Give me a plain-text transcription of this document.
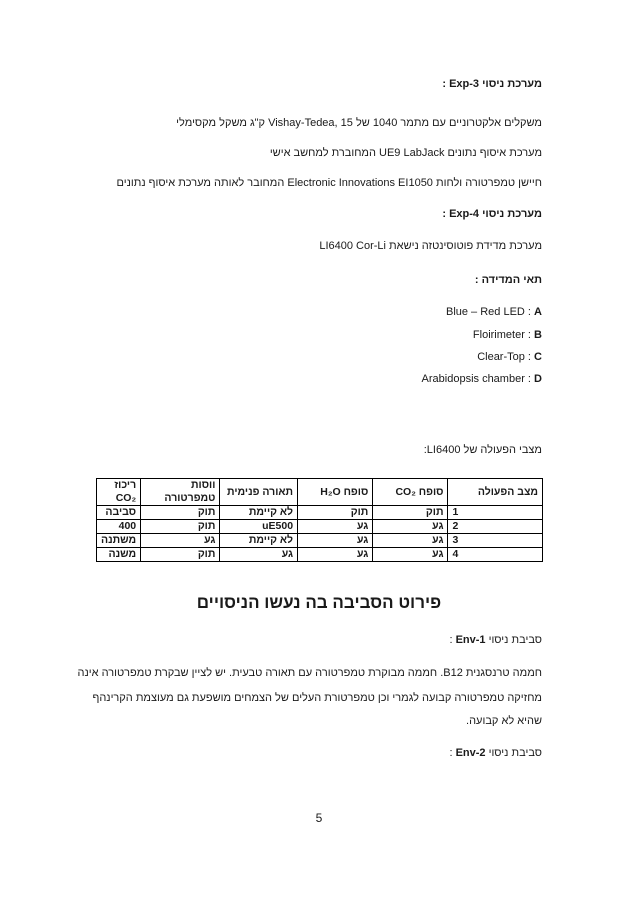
מערכת ניסוי Exp-3 :
משקלים אלקטרוניים עם מתמר 1040 של Vishay-Tedea, 15 ק"ג משקל מקסימלי
מערכת איסוף נתונים UE9 LabJack המחוברת למחשב אישי
חיישן טמפרטורה ולחות Electronic Innovations EI1050 המחובר לאותה מערכת איסוף נתונים
מערכת ניסוי Exp-4 :
מערכת מדידת פוטוסינטזה נישאת LI6400 Cor-Li
תאי המדידה :
Blue – Red LED : A
Floirimeter : B
Clear-Top : C
Arabidopsis chamber : D
מצבי הפעולה של LI6400:
מצב הפעולה	סופח CO₂	סופח H₂O	תאורה פנימית	ווסות טמפרטורה	ריכוז CO₂
1	תוק	תוק	לא קיימת	תוק	סביבה
2	גע	גע	uE500	תוק	400
3	גע	גע	לא קיימת	גע	משתנה
4	גע	גע	גע	תוק	משנה
פירוט הסביבה בה נעשו הניסויים
סביבת ניסוי Env-1 :
חממה טרנסגנית B12. חממה מבוקרת טמפרטורה עם תאורה טבעית. יש לציין שבקרת טמפרטורה אינה
מחזיקה טמפרטורה קבועה לגמרי וכן טמפרטורת העלים של הצמחים מושפעת גם מעוצמת הקרינהף
שהיא לא קבועה.
סביבת ניסוי Env-2 :
5
